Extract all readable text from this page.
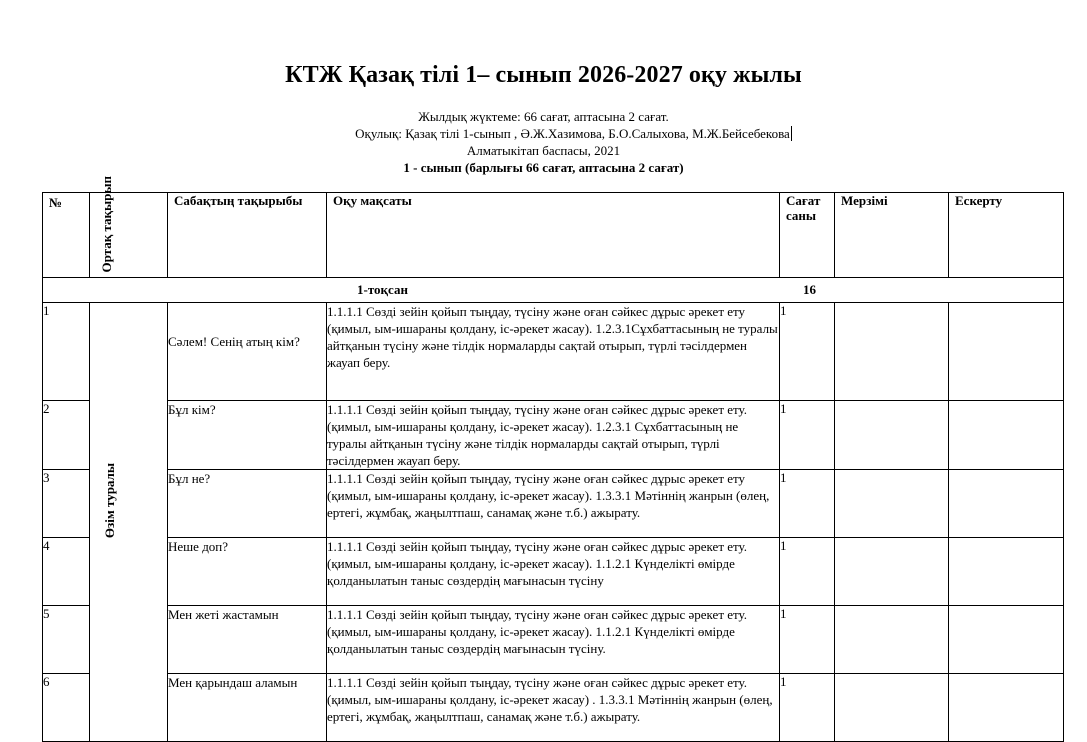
КТЖ Қазақ тілі 1– сынып 2026-2027 оқу жылы
Жылдық жүктеме: 66 сағат, аптасына 2 сағат.
Оқулық: Қазақ тілі 1-сынып , Ә.Ж.Хазимова, Б.О.Салыхова, М.Ж.Бейсебекова
Алматыкітап баспасы, 2021
1 - сынып (барлығы 66 сағат, аптасына 2 сағат)
№	Ортақ тақырып	Сабақтың тақырыбы	Оқу мақсаты	Сағат саны	Мерзімі	Ескерту

1-тоқсан 16						

1	Өзім туралы	Сәлем! Сенің атың кім?	1.1.1.1 Сөзді зейін қойып тыңдау, түсіну және оған сәйкес дұрыс әрекет ету (қимыл, ым-ишараны қолдану, іс-әрекет жасау). 1.2.3.1Сұхбаттасының не туралы айтқанын түсіну және тілдік нормаларды сақтай отырып, түрлі тәсілдермен жауап беру.	1		
2		Бұл кім?	1.1.1.1 Сөзді зейін қойып тыңдау, түсіну және оған сәйкес дұрыс әрекет ету. (қимыл, ым-ишараны қолдану, іс-әрекет жасау). 1.2.3.1 Сұхбаттасының не туралы айтқанын түсіну және тілдік нормаларды сақтай отырып, түрлі тәсілдермен жауап беру.	1		
3		Бұл не?	1.1.1.1 Сөзді зейін қойып тыңдау, түсіну және оған сәйкес дұрыс әрекет ету (қимыл, ым-ишараны қолдану, іс-әрекет жасау). 1.3.3.1 Мәтіннің жанрын (өлең, ертегі, жұмбақ, жаңылтпаш, санамақ және т.б.) ажырату.	1		
4		Неше доп?	1.1.1.1 Сөзді зейін қойып тыңдау, түсіну және оған сәйкес дұрыс әрекет ету. (қимыл, ым-ишараны қолдану, іс-әрекет жасау). 1.1.2.1 Күнделікті өмірде қолданылатын таныс сөздердің мағынасын түсіну	1		
5		Мен жеті жастамын	1.1.1.1 Сөзді зейін қойып тыңдау, түсіну және оған сәйкес дұрыс әрекет ету. (қимыл, ым-ишараны қолдану, іс-әрекет жасау). 1.1.2.1 Күнделікті өмірде қолданылатын таныс сөздердің мағынасын түсіну.	1		
6		Мен қарындаш аламын	1.1.1.1 Сөзді зейін қойып тыңдау, түсіну және оған сәйкес дұрыс әрекет ету. (қимыл, ым-ишараны қолдану, іс-әрекет жасау) . 1.3.3.1 Мәтіннің жанрын (өлең, ертегі, жұмбақ, жаңылтпаш, санамақ және т.б.) ажырату.	1		
